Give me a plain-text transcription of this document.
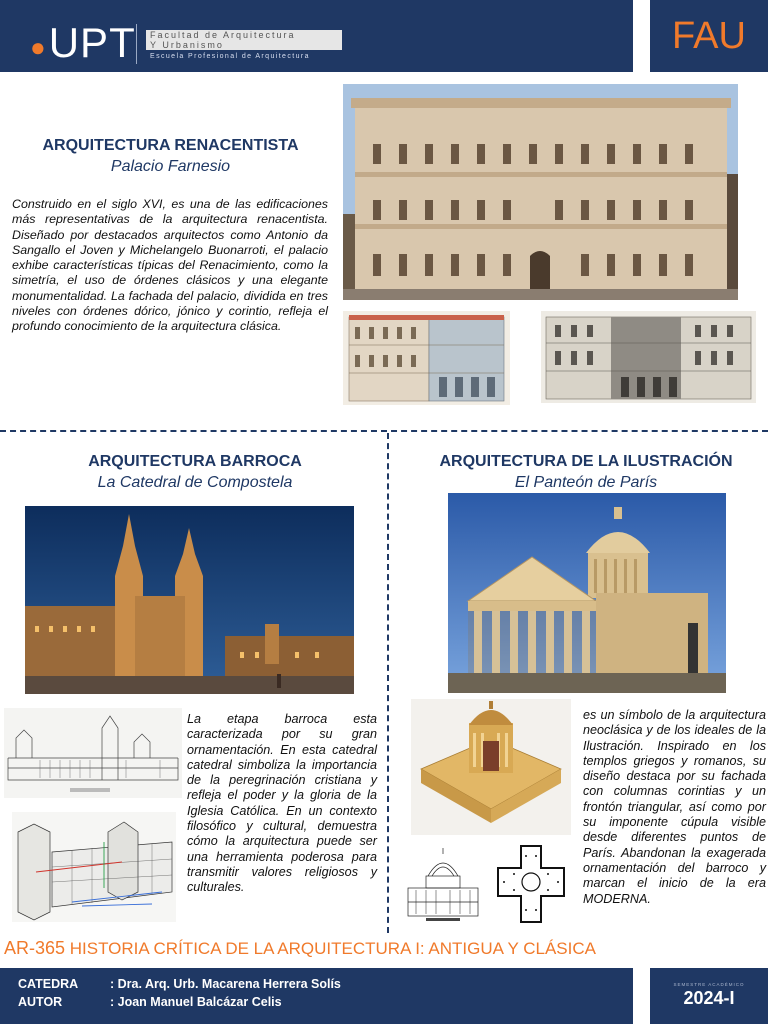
●UPT Facultad de Arquitectura
Y Urbanismo
Escuela Profesional de Arquitectura	FAU
ARQUITECTURA RENACENTISTA
Palacio Farnesio
Construido en el siglo XVI, es una de las edificaciones más representativas de la arquitectura renacentista. Diseñado por destacados arquitectos como Antonio da Sangallo el Joven y Michelangelo Buonarroti, el palacio exhibe características típicas del Renacimiento, como la simetría, el uso de órdenes clásicos y una elegante monumentalidad. La fachada del palacio, dividida en tres niveles con órdenes dórico, jónico y corintio, refleja el profundo conocimiento de la arquitectura clásica.
ARQUITECTURA BARROCA
La Catedral de Compostela
La etapa barroca esta caracterizada por su gran ornamentación. En esta catedral catedral simboliza la importancia de la peregrinación cristiana y refleja el poder y la gloria de la Iglesia Católica. En un contexto filosófico y cultural, demuestra cómo la arquitectura puede ser una herramienta poderosa para transmitir valores religiosos y culturales.
ARQUITECTURA DE LA ILUSTRACIÓN
El Panteón de París
es un símbolo de la arquitectura neoclásica y de los ideales de la Ilustración. Inspirado en los templos griegos y romanos, su diseño destaca por su fachada con columnas corintias y un frontón triangular, así como por su imponente cúpula visible desde diferentes puntos de París. Abandonan la exagerada ornamentación del barroco y marcan el inicio de la era MODERNA.
AR-365 HISTORIA CRÍTICA DE LA ARQUITECTURA I: ANTIGUA Y CLÁSICA
CATEDRA	: Dra. Arq. Urb. Macarena Herrera Solís
AUTOR	: Joan Manuel Balcázar Celis
SEMESTRE ACADÉMICO
2024-I
